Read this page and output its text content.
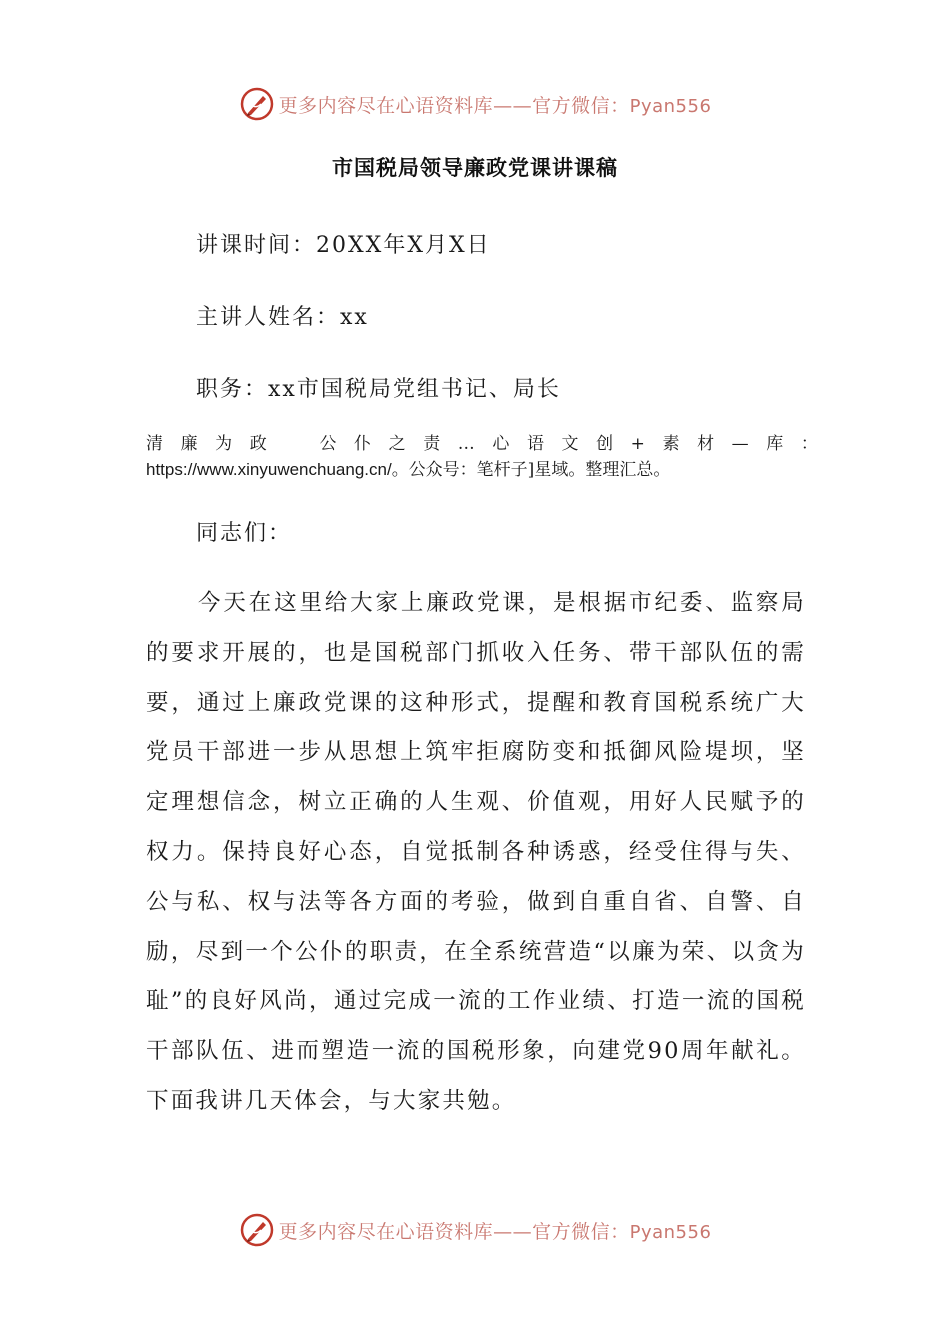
更多内容尽在心语资料库——官方微信：Pyan556
市国税局领导廉政党课讲课稿
讲课时间：20XX年X月X日
主讲人姓名：xx
职务：xx市国税局党组书记、局长
清 廉 为 政	公 仆 之 责 … 心 语 文 创 + 素 材 — 库 ：
https://www.xinyuwenchuang.cn/。公众号：笔杆子]星域。整理汇总。
同志们：

今天在这里给大家上廉政党课，是根据市纪委、监察局的要求开展的，也是国税部门抓收入任务、带干部队伍的需要，通过上廉政党课的这种形式，提醒和教育国税系统广大党员干部进一步从思想上筑牢拒腐防变和抵御风险堤坝，坚定理想信念，树立正确的人生观、价值观，用好人民赋予的权力。保持良好心态，自觉抵制各种诱惑，经受住得与失、公与私、权与法等各方面的考验，做到自重自省、自警、自励，尽到一个公仆的职责，在全系统营造“以廉为荣、以贪为耻”的良好风尚，通过完成一流的工作业绩、打造一流的国税干部队伍、进而塑造一流的国税形象，向建党90周年献礼。下面我讲几天体会，与大家共勉。

更多内容尽在心语资料库——官方微信：Pyan556
